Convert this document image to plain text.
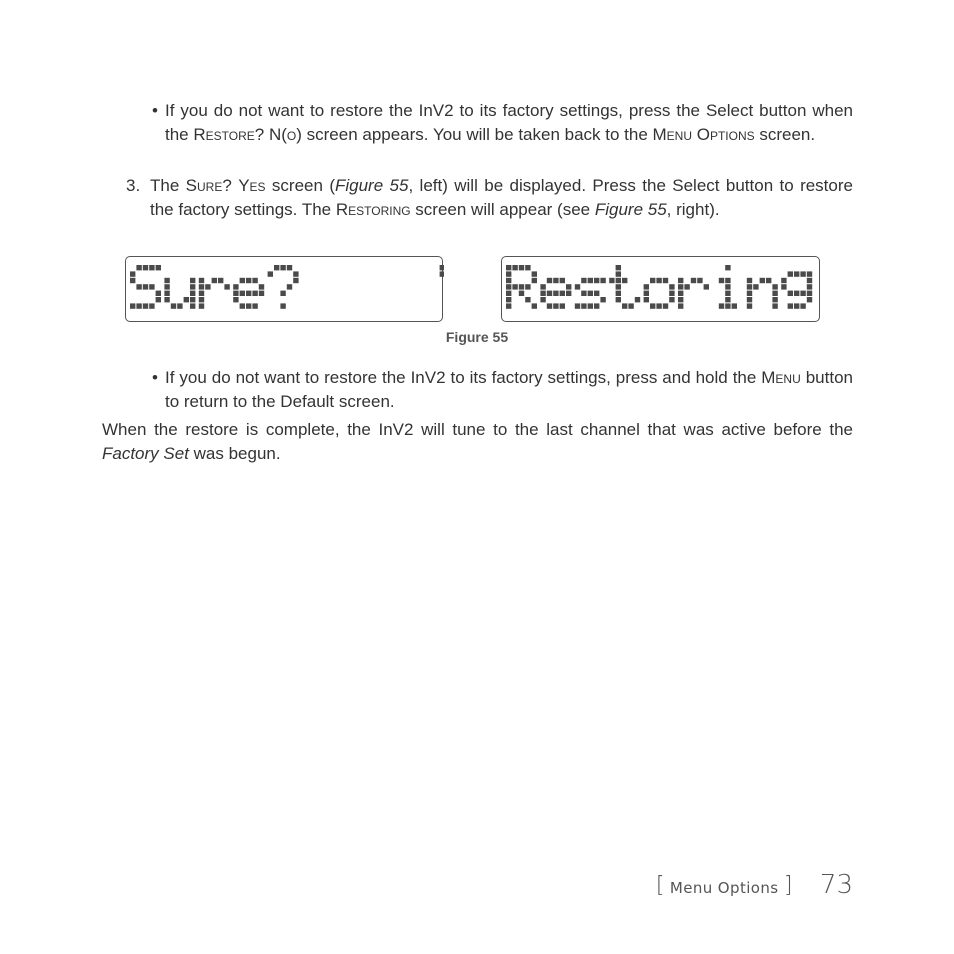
• If you do not want to restore the InV2 to its factory settings, press the Select button when the Restore? N(o) screen appears. You will be taken back to the Menu Options screen.
3. The Sure? Yes screen (Figure 55, left) will be displayed. Press the Select button to restore the factory settings. The Restoring screen will appear (see Figure 55, right).
Sure? Yes	Restoring
Figure 55
• If you do not want to restore the InV2 to its factory settings, press and hold the Menu button to return to the Default screen.
When the restore is complete, the InV2 will tune to the last channel that was active before the Factory Set was begun.
[ Menu Options ] 73
